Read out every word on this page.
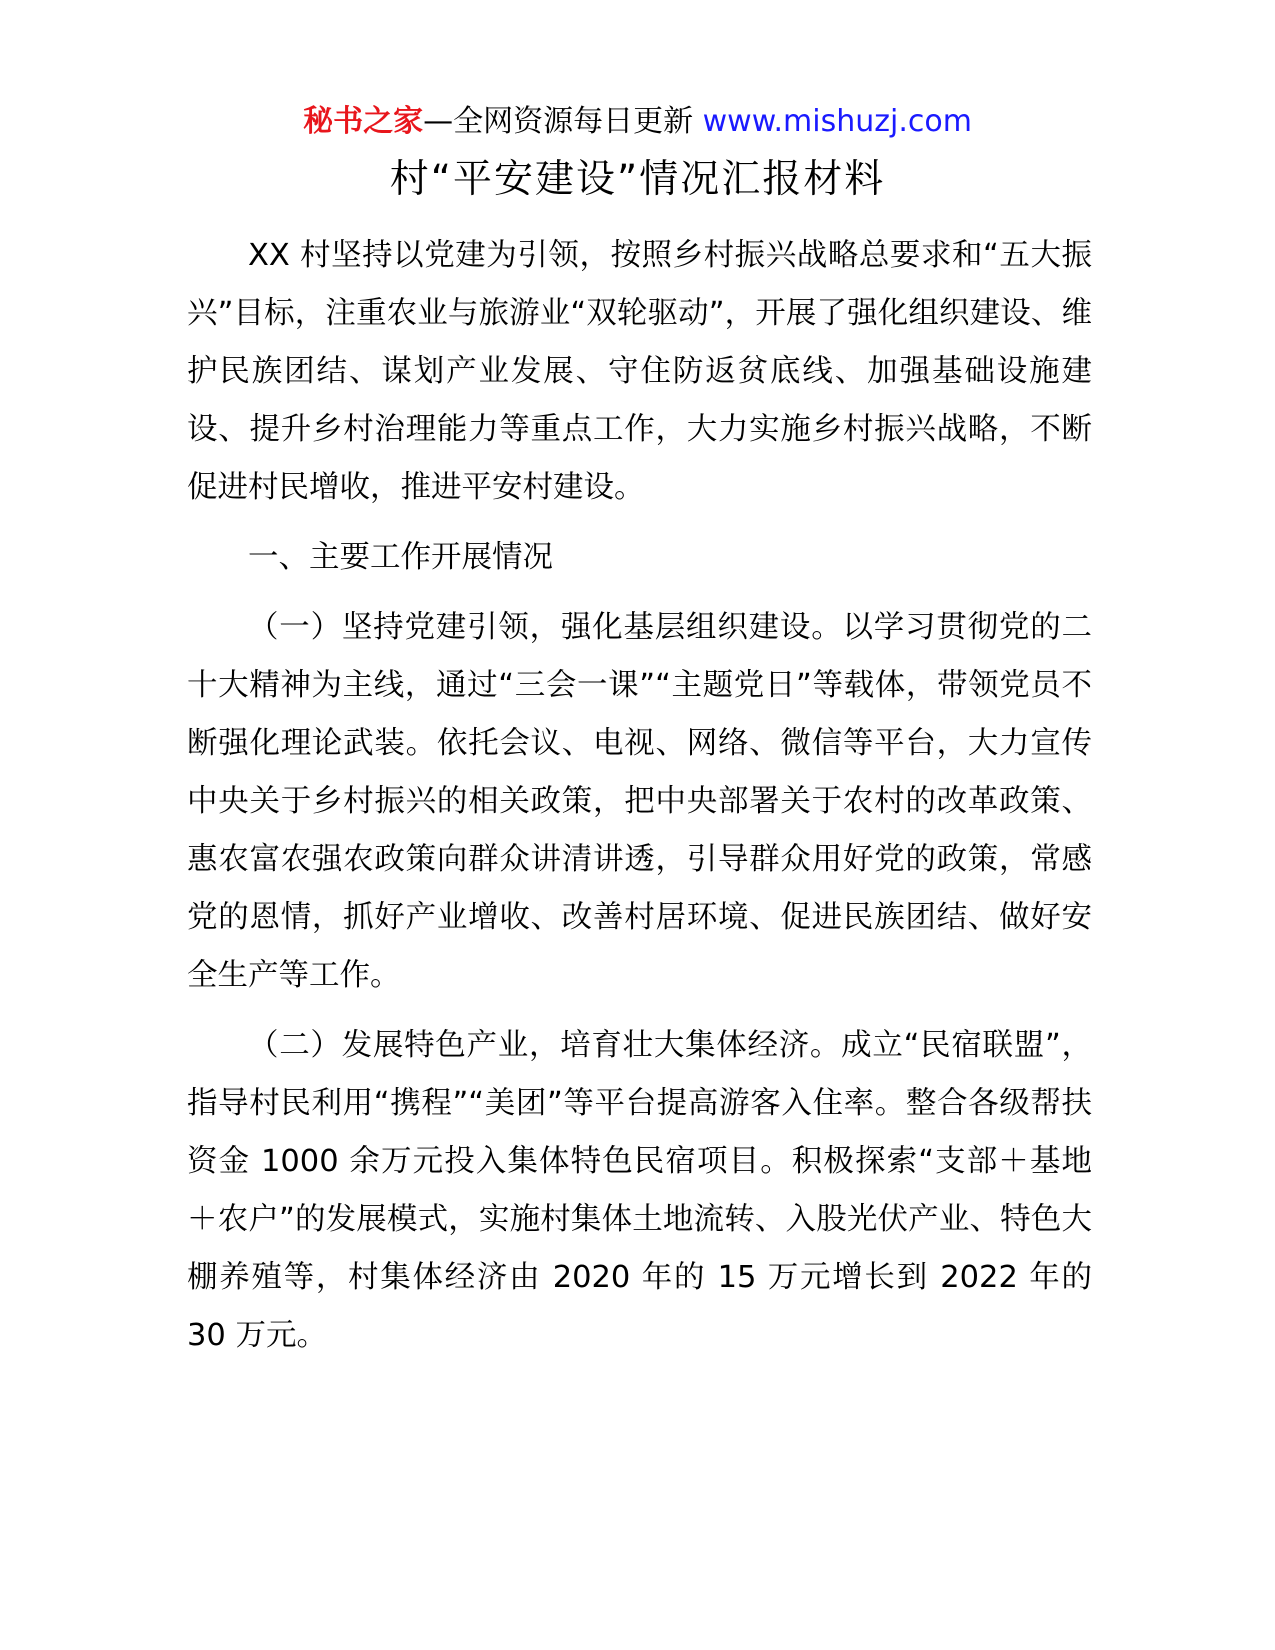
秘书之家—全网资源每日更新 www.mishuzj.com
村“平安建设”情况汇报材料

XX 村坚持以党建为引领，按照乡村振兴战略总要求和“五大振兴”目标，注重农业与旅游业“双轮驱动”，开展了强化组织建设、维护民族团结、谋划产业发展、守住防返贫底线、加强基础设施建设、提升乡村治理能力等重点工作，大力实施乡村振兴战略，不断促进村民增收，推进平安村建设。

一、主要工作开展情况

（一）坚持党建引领，强化基层组织建设。以学习贯彻党的二十大精神为主线，通过“三会一课”“主题党日”等载体，带领党员不断强化理论武装。依托会议、电视、网络、微信等平台，大力宣传中央关于乡村振兴的相关政策，把中央部署关于农村的改革政策、惠农富农强农政策向群众讲清讲透，引导群众用好党的政策，常感党的恩情，抓好产业增收、改善村居环境、促进民族团结、做好安全生产等工作。

（二）发展特色产业，培育壮大集体经济。成立“民宿联盟”，指导村民利用“携程”“美团”等平台提高游客入住率。整合各级帮扶资金 1000 余万元投入集体特色民宿项目。积极探索“支部＋基地＋农户”的发展模式，实施村集体土地流转、入股光伏产业、特色大棚养殖等，村集体经济由 2020 年的 15 万元增长到 2022 年的 30 万元。
